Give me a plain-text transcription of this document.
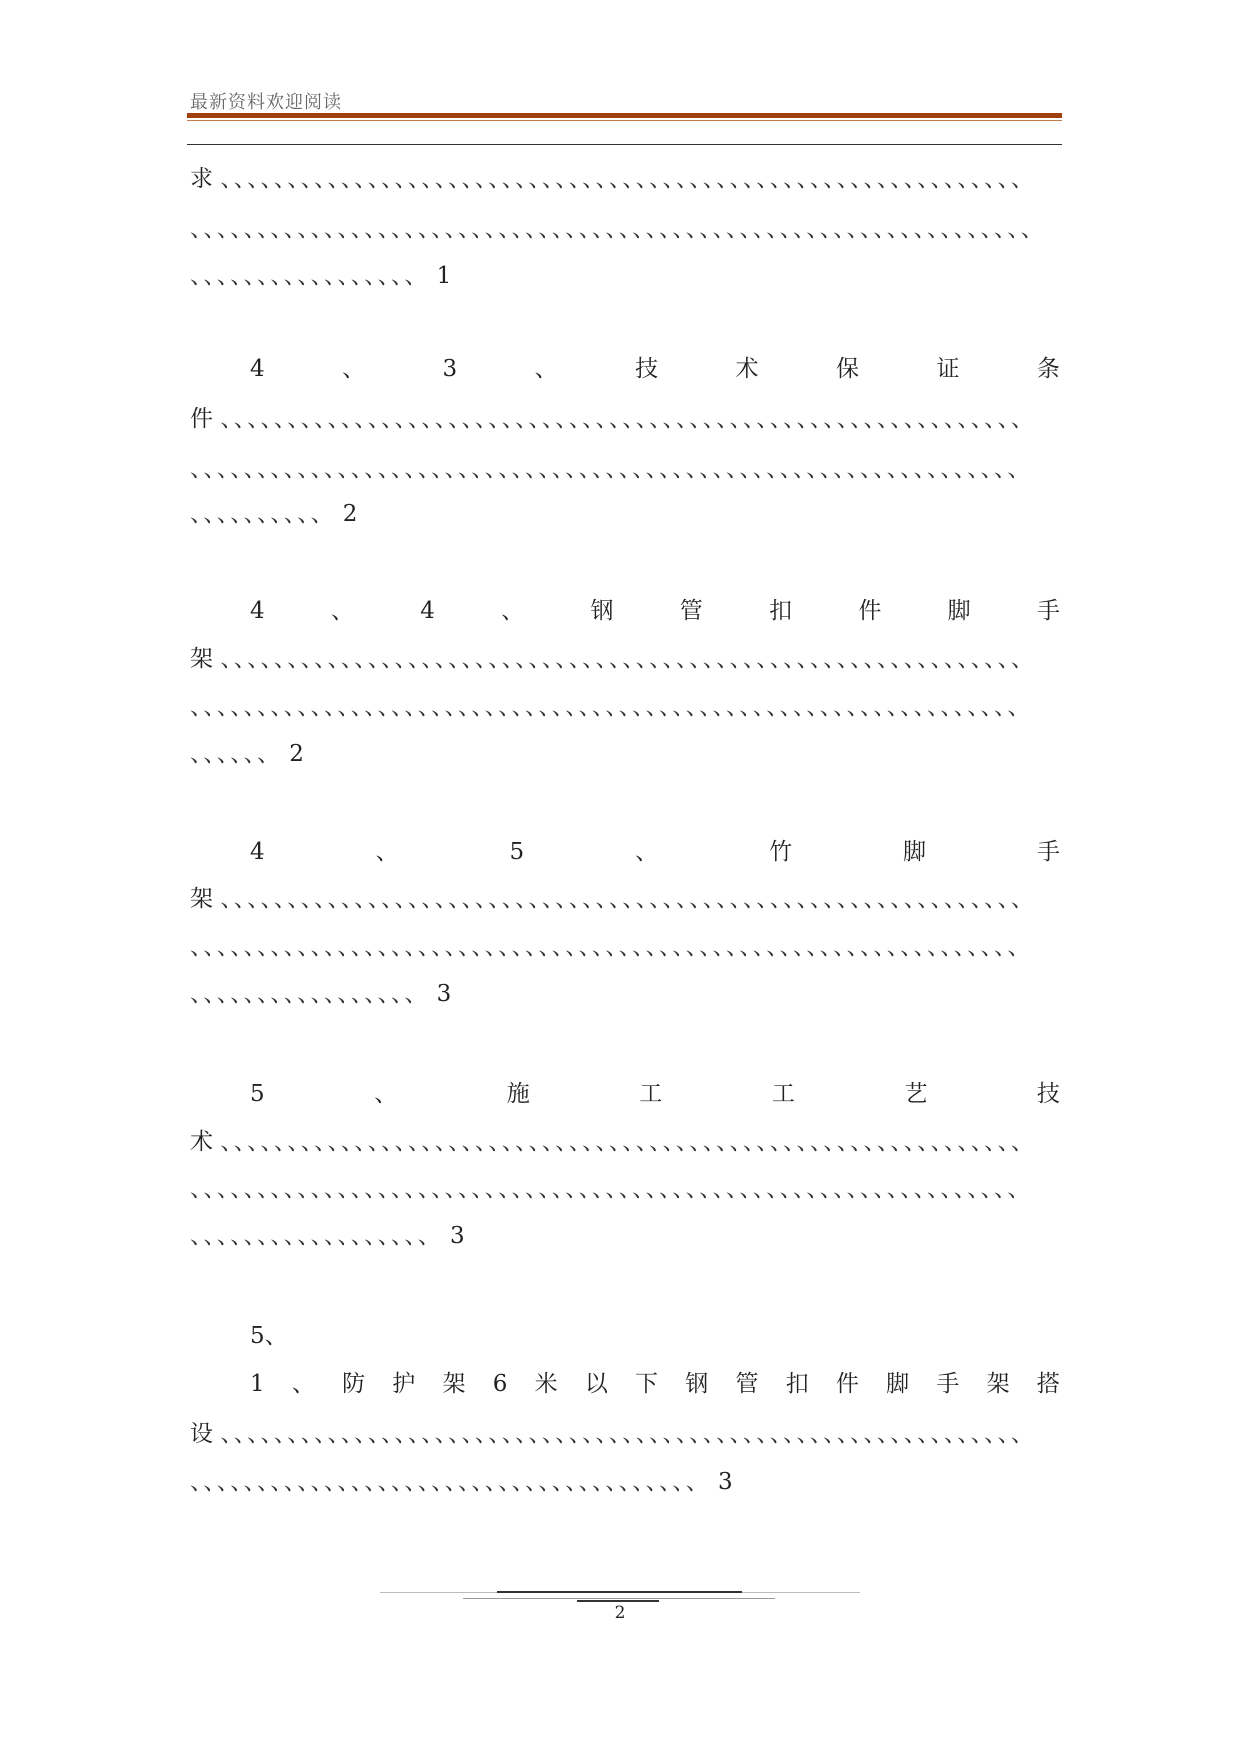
最新资料欢迎阅读
求 、、、、、、、、、、、、、、、、、、、、、、、、、、、、、、、、、、、、、、、、、、、、、、、、、、、、、、、、、、、、
、、、、、、、、、、、、、、、、、、、、、、、、、、、、、、、、、、、、、、、、、、、、、、、、、、、、、、、、、、、、、、、
、、、、、、、、、、、、、、、、、 1
4	、	3	、	技	术	保	证	条
件 、、、、、、、、、、、、、、、、、、、、、、、、、、、、、、、、、、、、、、、、、、、、、、、、、、、、、、、、、、、、
、、、、、、、、、、、、、、、、、、、、、、、、、、、、、、、、、、、、、、、、、、、、、、、、、、、、、、、、、、、、、、
、、、、、、、、、、 2
4	、	4	、	钢	管	扣	件	脚	手
架 、、、、、、、、、、、、、、、、、、、、、、、、、、、、、、、、、、、、、、、、、、、、、、、、、、、、、、、、、、、、
、、、、、、、、、、、、、、、、、、、、、、、、、、、、、、、、、、、、、、、、、、、、、、、、、、、、、、、、、、、、、、
、、、、、、 2
4	、	5	、	竹	脚	手
架 、、、、、、、、、、、、、、、、、、、、、、、、、、、、、、、、、、、、、、、、、、、、、、、、、、、、、、、、、、、、
、、、、、、、、、、、、、、、、、、、、、、、、、、、、、、、、、、、、、、、、、、、、、、、、、、、、、、、、、、、、、、
、、、、、、、、、、、、、、、、、 3
5	、	施	工	工	艺	技
术 、、、、、、、、、、、、、、、、、、、、、、、、、、、、、、、、、、、、、、、、、、、、、、、、、、、、、、、、、、、、
、、、、、、、、、、、、、、、、、、、、、、、、、、、、、、、、、、、、、、、、、、、、、、、、、、、、、、、、、、、、、、
、、、、、、、、、、、、、、、、、、 3
5、
1 、 防 护 架 6 米 以 下 钢 管 扣 件 脚 手 架 搭
设 、、、、、、、、、、、、、、、、、、、、、、、、、、、、、、、、、、、、、、、、、、、、、、、、、、、、、、、、、、、、
、、、、、、、、、、、、、、、、、、、、、、、、、、、、、、、、、、、、、、 3
2
